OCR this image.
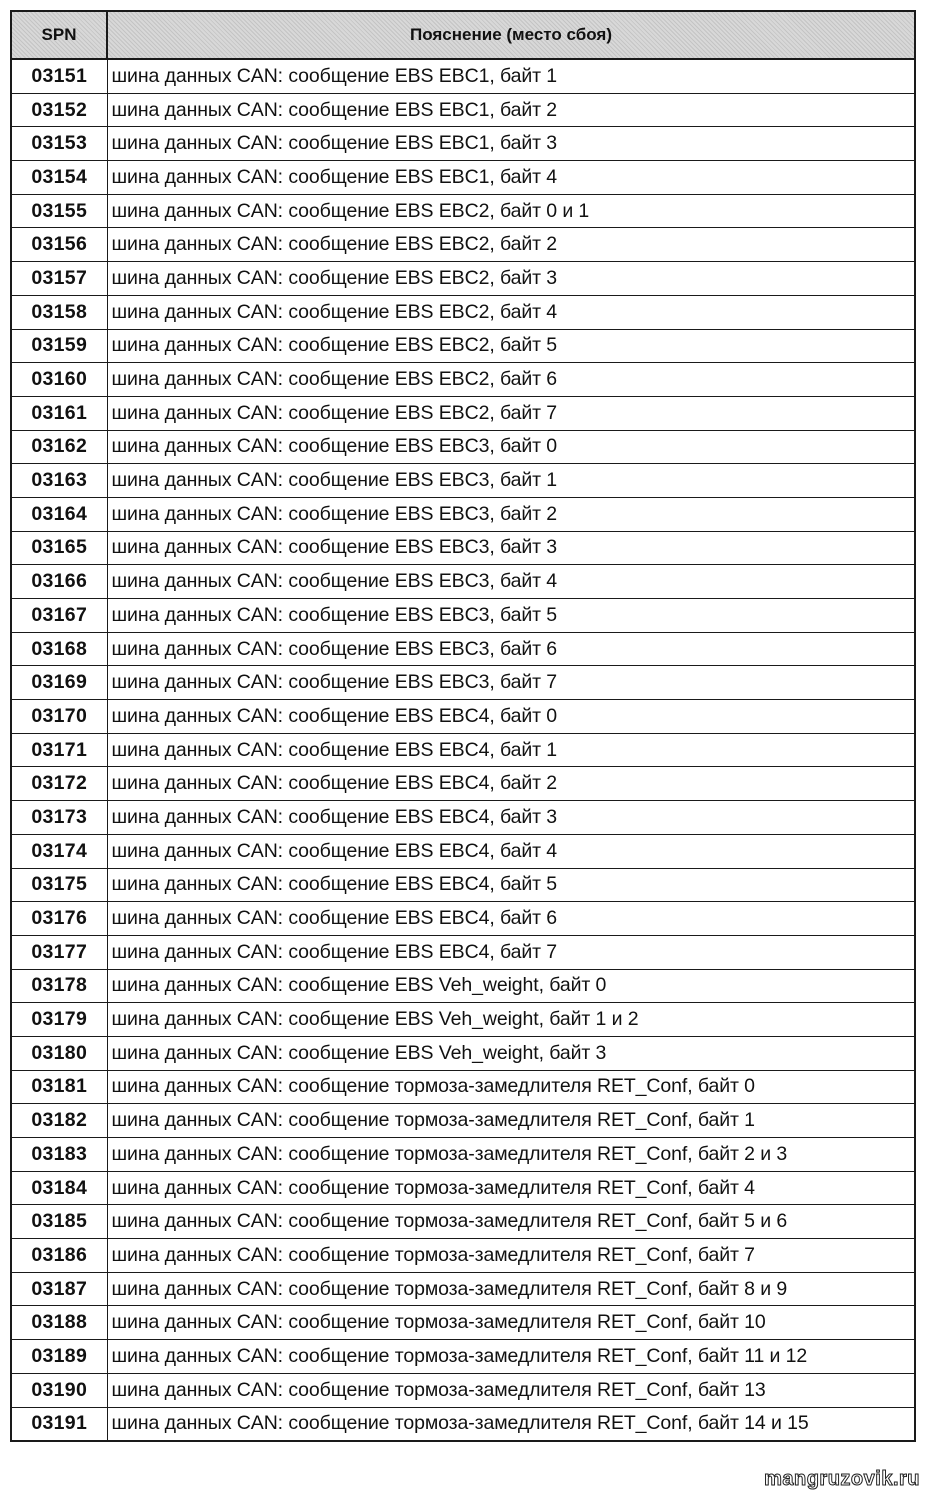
SPN	Пояснение (место сбоя)
03151	шина данных CAN: сообщение EBS EBC1, байт 1
03152	шина данных CAN: сообщение EBS EBC1, байт 2
03153	шина данных CAN: сообщение EBS EBC1, байт 3
03154	шина данных CAN: сообщение EBS EBC1, байт 4
03155	шина данных CAN: сообщение EBS EBC2, байт 0 и 1
03156	шина данных CAN: сообщение EBS EBC2, байт 2
03157	шина данных CAN: сообщение EBS EBC2, байт 3
03158	шина данных CAN: сообщение EBS EBC2, байт 4
03159	шина данных CAN: сообщение EBS EBC2, байт 5
03160	шина данных CAN: сообщение EBS EBC2, байт 6
03161	шина данных CAN: сообщение EBS EBC2, байт 7
03162	шина данных CAN: сообщение EBS EBC3, байт 0
03163	шина данных CAN: сообщение EBS EBC3, байт 1
03164	шина данных CAN: сообщение EBS EBC3, байт 2
03165	шина данных CAN: сообщение EBS EBC3, байт 3
03166	шина данных CAN: сообщение EBS EBC3, байт 4
03167	шина данных CAN: сообщение EBS EBC3, байт 5
03168	шина данных CAN: сообщение EBS EBC3, байт 6
03169	шина данных CAN: сообщение EBS EBC3, байт 7
03170	шина данных CAN: сообщение EBS EBC4, байт 0
03171	шина данных CAN: сообщение EBS EBC4, байт 1
03172	шина данных CAN: сообщение EBS EBC4, байт 2
03173	шина данных CAN: сообщение EBS EBC4, байт 3
03174	шина данных CAN: сообщение EBS EBC4, байт 4
03175	шина данных CAN: сообщение EBS EBC4, байт 5
03176	шина данных CAN: сообщение EBS EBC4, байт 6
03177	шина данных CAN: сообщение EBS EBC4, байт 7
03178	шина данных CAN: сообщение EBS Veh_weight, байт 0
03179	шина данных CAN: сообщение EBS Veh_weight, байт 1 и 2
03180	шина данных CAN: сообщение EBS Veh_weight, байт 3
03181	шина данных CAN: сообщение тормоза-замедлителя RET_Conf, байт 0
03182	шина данных CAN: сообщение тормоза-замедлителя RET_Conf, байт 1
03183	шина данных CAN: сообщение тормоза-замедлителя RET_Conf, байт 2 и 3
03184	шина данных CAN: сообщение тормоза-замедлителя RET_Conf, байт 4
03185	шина данных CAN: сообщение тормоза-замедлителя RET_Conf, байт 5 и 6
03186	шина данных CAN: сообщение тормоза-замедлителя RET_Conf, байт 7
03187	шина данных CAN: сообщение тормоза-замедлителя RET_Conf, байт 8 и 9
03188	шина данных CAN: сообщение тормоза-замедлителя RET_Conf, байт 10
03189	шина данных CAN: сообщение тормоза-замедлителя RET_Conf, байт 11 и 12
03190	шина данных CAN: сообщение тормоза-замедлителя RET_Conf, байт 13
03191	шина данных CAN: сообщение тормоза-замедлителя RET_Conf, байт 14 и 15
mangruzovik.ru
